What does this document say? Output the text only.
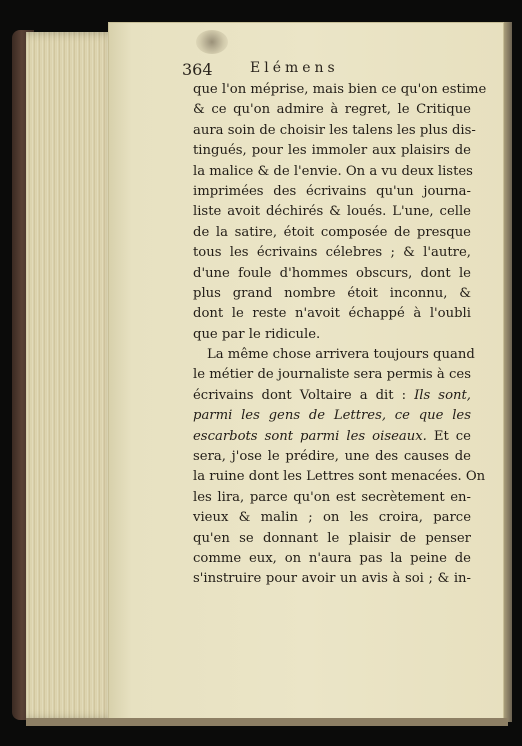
364	Elémens
que l'on méprise, mais bien ce qu'on estime
& ce qu'on admire à regret, le Critique
aura soin de choisir les talens les plus dis-
tingués, pour les immoler aux plaisirs de
la malice & de l'envie. On a vu deux listes
imprimées des écrivains qu'un journa-
liste avoit déchirés & loués. L'une, celle
de la satire, étoit composée de presque
tous les écrivains célebres ; & l'autre,
d'une foule d'hommes obscurs, dont le
plus grand nombre étoit inconnu, &
dont le reste n'avoit échappé à l'oubli
que par le ridicule.
La même chose arrivera toujours quand
le métier de journaliste sera permis à ces
écrivains dont Voltaire a dit : Ils sont,
parmi les gens de Lettres, ce que les
escarbots sont parmi les oiseaux. Et ce
sera, j'ose le prédire, une des causes de
la ruine dont les Lettres sont menacées. On
les lira, parce qu'on est secrètement en-
vieux & malin ; on les croira, parce
qu'en se donnant le plaisir de penser
comme eux, on n'aura pas la peine de
s'instruire pour avoir un avis à soi ; & in-
